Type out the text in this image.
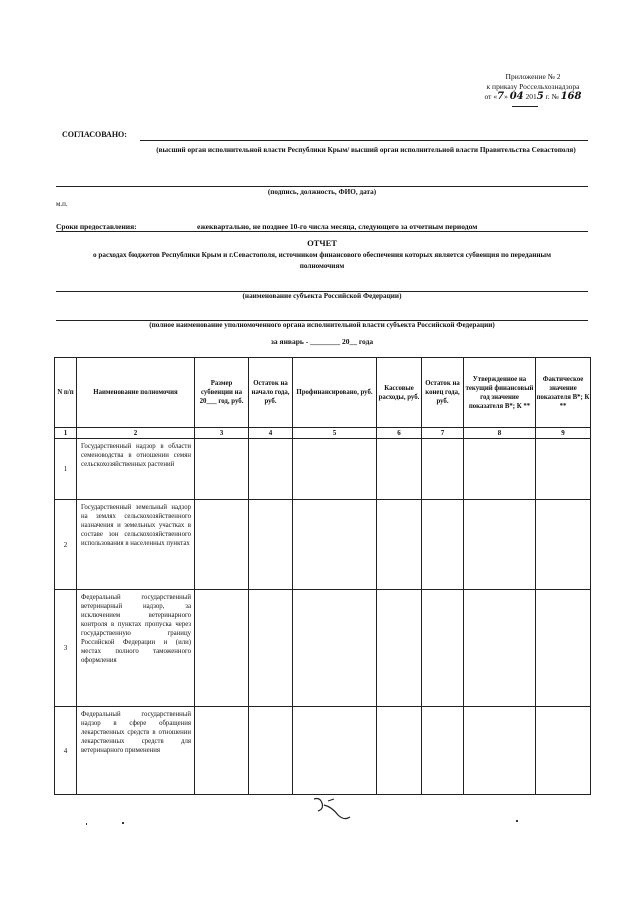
Приложение № 2
к приказу Россельхознадзора
от «7» 04 2015 г. № 168
СОГЛАСОВАНО:
(высший орган исполнительной власти Республики Крым/ высший орган исполнительной власти Правительства Севастополя)
(подпись, должность, ФИО, дата)
м.п.
Сроки предоставления:	ежеквартально, не позднее 10-го числа месяца, следующего за отчетным периодом
ОТЧЕТ
о расходах бюджетов Республики Крым и г.Севастополя, источником финансового обеспечения которых является субвенция по переданным полномочиям
(наименование субъекта Российской Федерации)
(полное наименование уполномоченного органа исполнительной власти субъекта Российской Федерации)
за январь - ________ 20__ года
N п/п	Наименование полномочия	Размер субвенции на 20___ год, руб.	Остаток на начало года, руб.	Профинансировано, руб.	Кассовые расходы, руб.	Остаток на конец года, руб.	Утвержденное на текущий финансовый год значение показателя В*; К **	Фактическое значение показателя В*; К **
1	2	3	4	5	6	7	8	9
1	Государственный надзор в области семеноводства в отношении семян сельскохозяйственных растений							

2	Государственный земельный надзор на землях сельскохозяйственного назначения и земельных участках в составе зон сельскохозяйственного использования в населенных пунктах							

3	Федеральный государственный ветеринарный надзор, за исключением ветеринарного контроля в пунктах пропуска через государственную границу Российской Федерации и (или) местах полного таможенного оформления							

4	Федеральный государственный надзор в сфере обращения лекарственных средств в отношении лекарственных средств для ветеринарного применения							
